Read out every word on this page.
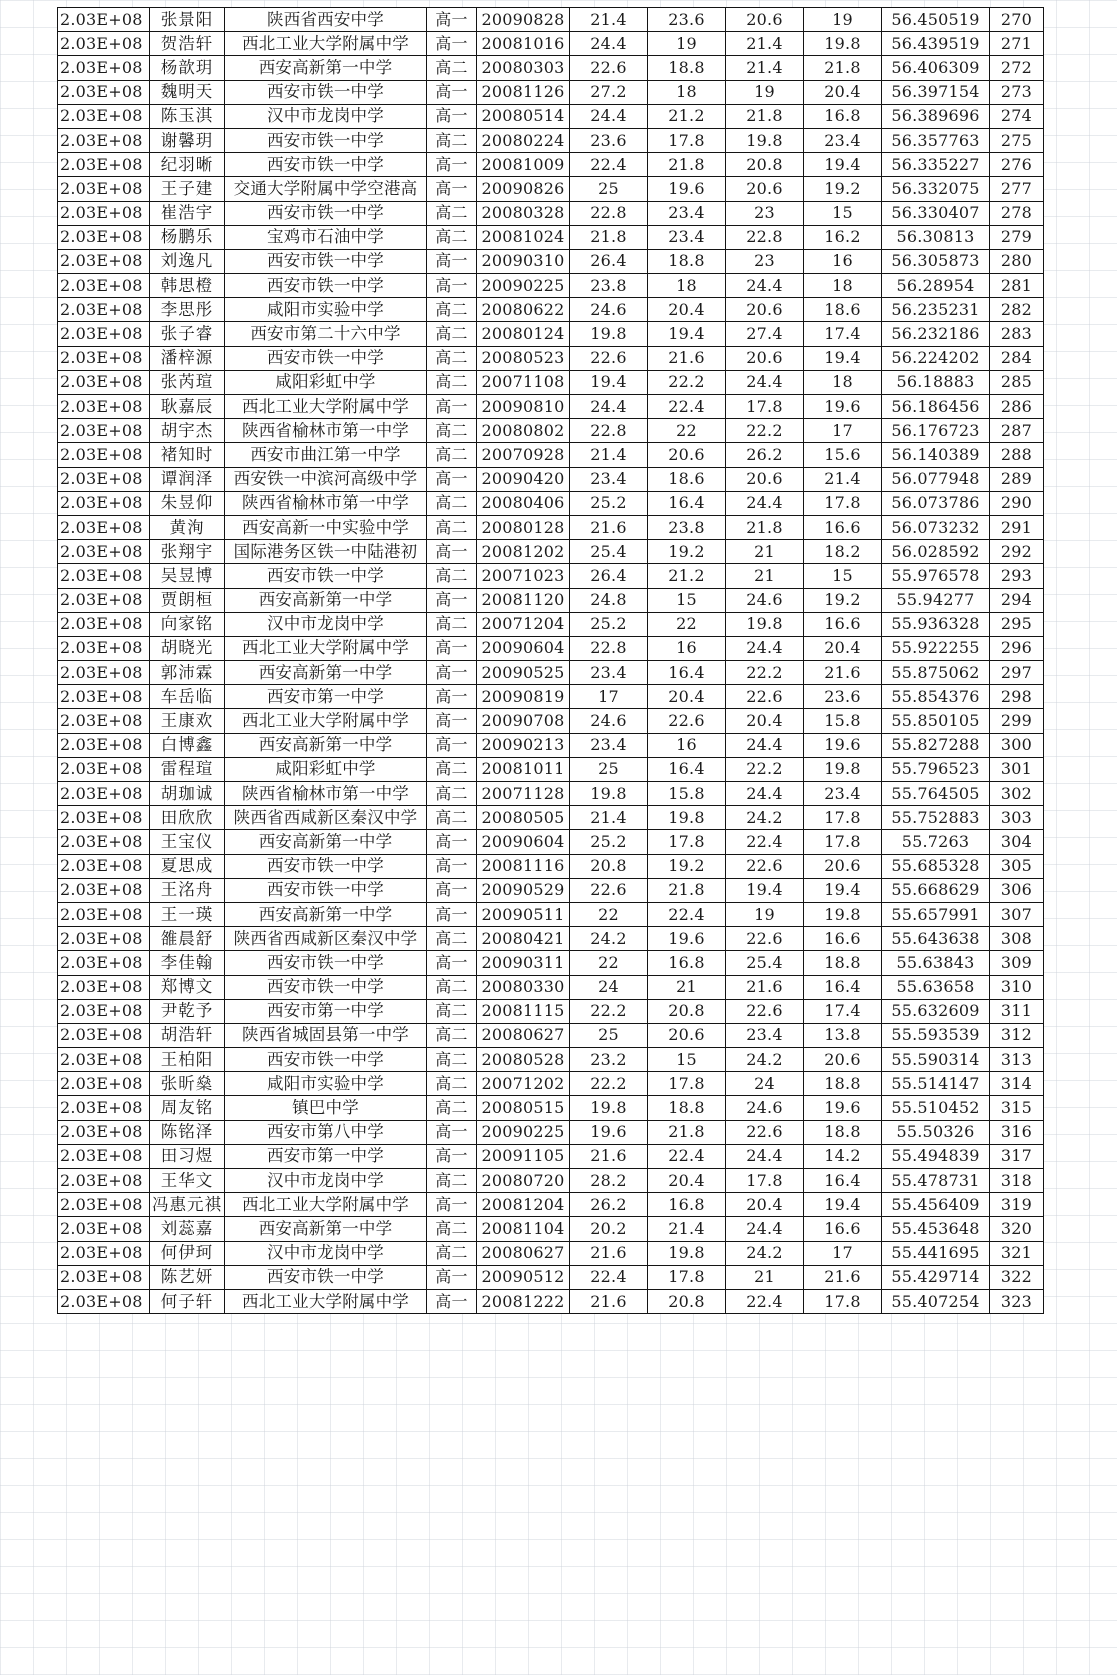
2.03E+08	张景阳	陕西省西安中学	高一	20090828	21.4	23.6	20.6	19	56.450519	270
2.03E+08	贺浩轩	西北工业大学附属中学	高一	20081016	24.4	19	21.4	19.8	56.439519	271
2.03E+08	杨歆玥	西安高新第一中学	高二	20080303	22.6	18.8	21.4	21.8	56.406309	272
2.03E+08	魏明天	西安市铁一中学	高一	20081126	27.2	18	19	20.4	56.397154	273
2.03E+08	陈玉淇	汉中市龙岗中学	高一	20080514	24.4	21.2	21.8	16.8	56.389696	274
2.03E+08	谢馨玥	西安市铁一中学	高二	20080224	23.6	17.8	19.8	23.4	56.357763	275
2.03E+08	纪羽晰	西安市铁一中学	高一	20081009	22.4	21.8	20.8	19.4	56.335227	276
2.03E+08	王子建	交通大学附属中学空港高	高一	20090826	25	19.6	20.6	19.2	56.332075	277
2.03E+08	崔浩宇	西安市铁一中学	高二	20080328	22.8	23.4	23	15	56.330407	278
2.03E+08	杨鹏乐	宝鸡市石油中学	高二	20081024	21.8	23.4	22.8	16.2	56.30813	279
2.03E+08	刘逸凡	西安市铁一中学	高一	20090310	26.4	18.8	23	16	56.305873	280
2.03E+08	韩思橙	西安市铁一中学	高一	20090225	23.8	18	24.4	18	56.28954	281
2.03E+08	李思彤	咸阳市实验中学	高二	20080622	24.6	20.4	20.6	18.6	56.235231	282
2.03E+08	张子睿	西安市第二十六中学	高二	20080124	19.8	19.4	27.4	17.4	56.232186	283
2.03E+08	潘梓源	西安市铁一中学	高二	20080523	22.6	21.6	20.6	19.4	56.224202	284
2.03E+08	张芮瑄	咸阳彩虹中学	高二	20071108	19.4	22.2	24.4	18	56.18883	285
2.03E+08	耿嘉辰	西北工业大学附属中学	高一	20090810	24.4	22.4	17.8	19.6	56.186456	286
2.03E+08	胡宇杰	陕西省榆林市第一中学	高二	20080802	22.8	22	22.2	17	56.176723	287
2.03E+08	褚知时	西安市曲江第一中学	高二	20070928	21.4	20.6	26.2	15.6	56.140389	288
2.03E+08	谭润泽	西安铁一中滨河高级中学	高一	20090420	23.4	18.6	20.6	21.4	56.077948	289
2.03E+08	朱昱仰	陕西省榆林市第一中学	高二	20080406	25.2	16.4	24.4	17.8	56.073786	290
2.03E+08	黄洵	西安高新一中实验中学	高二	20080128	21.6	23.8	21.8	16.6	56.073232	291
2.03E+08	张翔宇	国际港务区铁一中陆港初	高一	20081202	25.4	19.2	21	18.2	56.028592	292
2.03E+08	吴昱博	西安市铁一中学	高二	20071023	26.4	21.2	21	15	55.976578	293
2.03E+08	贾朗桓	西安高新第一中学	高一	20081120	24.8	15	24.6	19.2	55.94277	294
2.03E+08	向家铭	汉中市龙岗中学	高二	20071204	25.2	22	19.8	16.6	55.936328	295
2.03E+08	胡晓光	西北工业大学附属中学	高一	20090604	22.8	16	24.4	20.4	55.922255	296
2.03E+08	郭沛霖	西安高新第一中学	高一	20090525	23.4	16.4	22.2	21.6	55.875062	297
2.03E+08	车岳临	西安市第一中学	高一	20090819	17	20.4	22.6	23.6	55.854376	298
2.03E+08	王康欢	西北工业大学附属中学	高一	20090708	24.6	22.6	20.4	15.8	55.850105	299
2.03E+08	白博鑫	西安高新第一中学	高一	20090213	23.4	16	24.4	19.6	55.827288	300
2.03E+08	雷程瑄	咸阳彩虹中学	高二	20081011	25	16.4	22.2	19.8	55.796523	301
2.03E+08	胡珈诚	陕西省榆林市第一中学	高二	20071128	19.8	15.8	24.4	23.4	55.764505	302
2.03E+08	田欣欣	陕西省西咸新区秦汉中学	高二	20080505	21.4	19.8	24.2	17.8	55.752883	303
2.03E+08	王宝仪	西安高新第一中学	高一	20090604	25.2	17.8	22.4	17.8	55.7263	304
2.03E+08	夏思成	西安市铁一中学	高一	20081116	20.8	19.2	22.6	20.6	55.685328	305
2.03E+08	王洺舟	西安市铁一中学	高一	20090529	22.6	21.8	19.4	19.4	55.668629	306
2.03E+08	王一瑛	西安高新第一中学	高一	20090511	22	22.4	19	19.8	55.657991	307
2.03E+08	雒晨舒	陕西省西咸新区秦汉中学	高二	20080421	24.2	19.6	22.6	16.6	55.643638	308
2.03E+08	李佳翰	西安市铁一中学	高一	20090311	22	16.8	25.4	18.8	55.63843	309
2.03E+08	郑博文	西安市铁一中学	高二	20080330	24	21	21.6	16.4	55.63658	310
2.03E+08	尹乾予	西安市第一中学	高二	20081115	22.2	20.8	22.6	17.4	55.632609	311
2.03E+08	胡浩轩	陕西省城固县第一中学	高二	20080627	25	20.6	23.4	13.8	55.593539	312
2.03E+08	王柏阳	西安市铁一中学	高二	20080528	23.2	15	24.2	20.6	55.590314	313
2.03E+08	张昕燊	咸阳市实验中学	高二	20071202	22.2	17.8	24	18.8	55.514147	314
2.03E+08	周友铭	镇巴中学	高二	20080515	19.8	18.8	24.6	19.6	55.510452	315
2.03E+08	陈铭泽	西安市第八中学	高一	20090225	19.6	21.8	22.6	18.8	55.50326	316
2.03E+08	田习煜	西安市第一中学	高一	20091105	21.6	22.4	24.4	14.2	55.494839	317
2.03E+08	王华文	汉中市龙岗中学	高二	20080720	28.2	20.4	17.8	16.4	55.478731	318
2.03E+08	冯惠元祺	西北工业大学附属中学	高一	20081204	26.2	16.8	20.4	19.4	55.456409	319
2.03E+08	刘蕊嘉	西安高新第一中学	高二	20081104	20.2	21.4	24.4	16.6	55.453648	320
2.03E+08	何伊珂	汉中市龙岗中学	高二	20080627	21.6	19.8	24.2	17	55.441695	321
2.03E+08	陈艺妍	西安市铁一中学	高一	20090512	22.4	17.8	21	21.6	55.429714	322
2.03E+08	何子轩	西北工业大学附属中学	高一	20081222	21.6	20.8	22.4	17.8	55.407254	323
